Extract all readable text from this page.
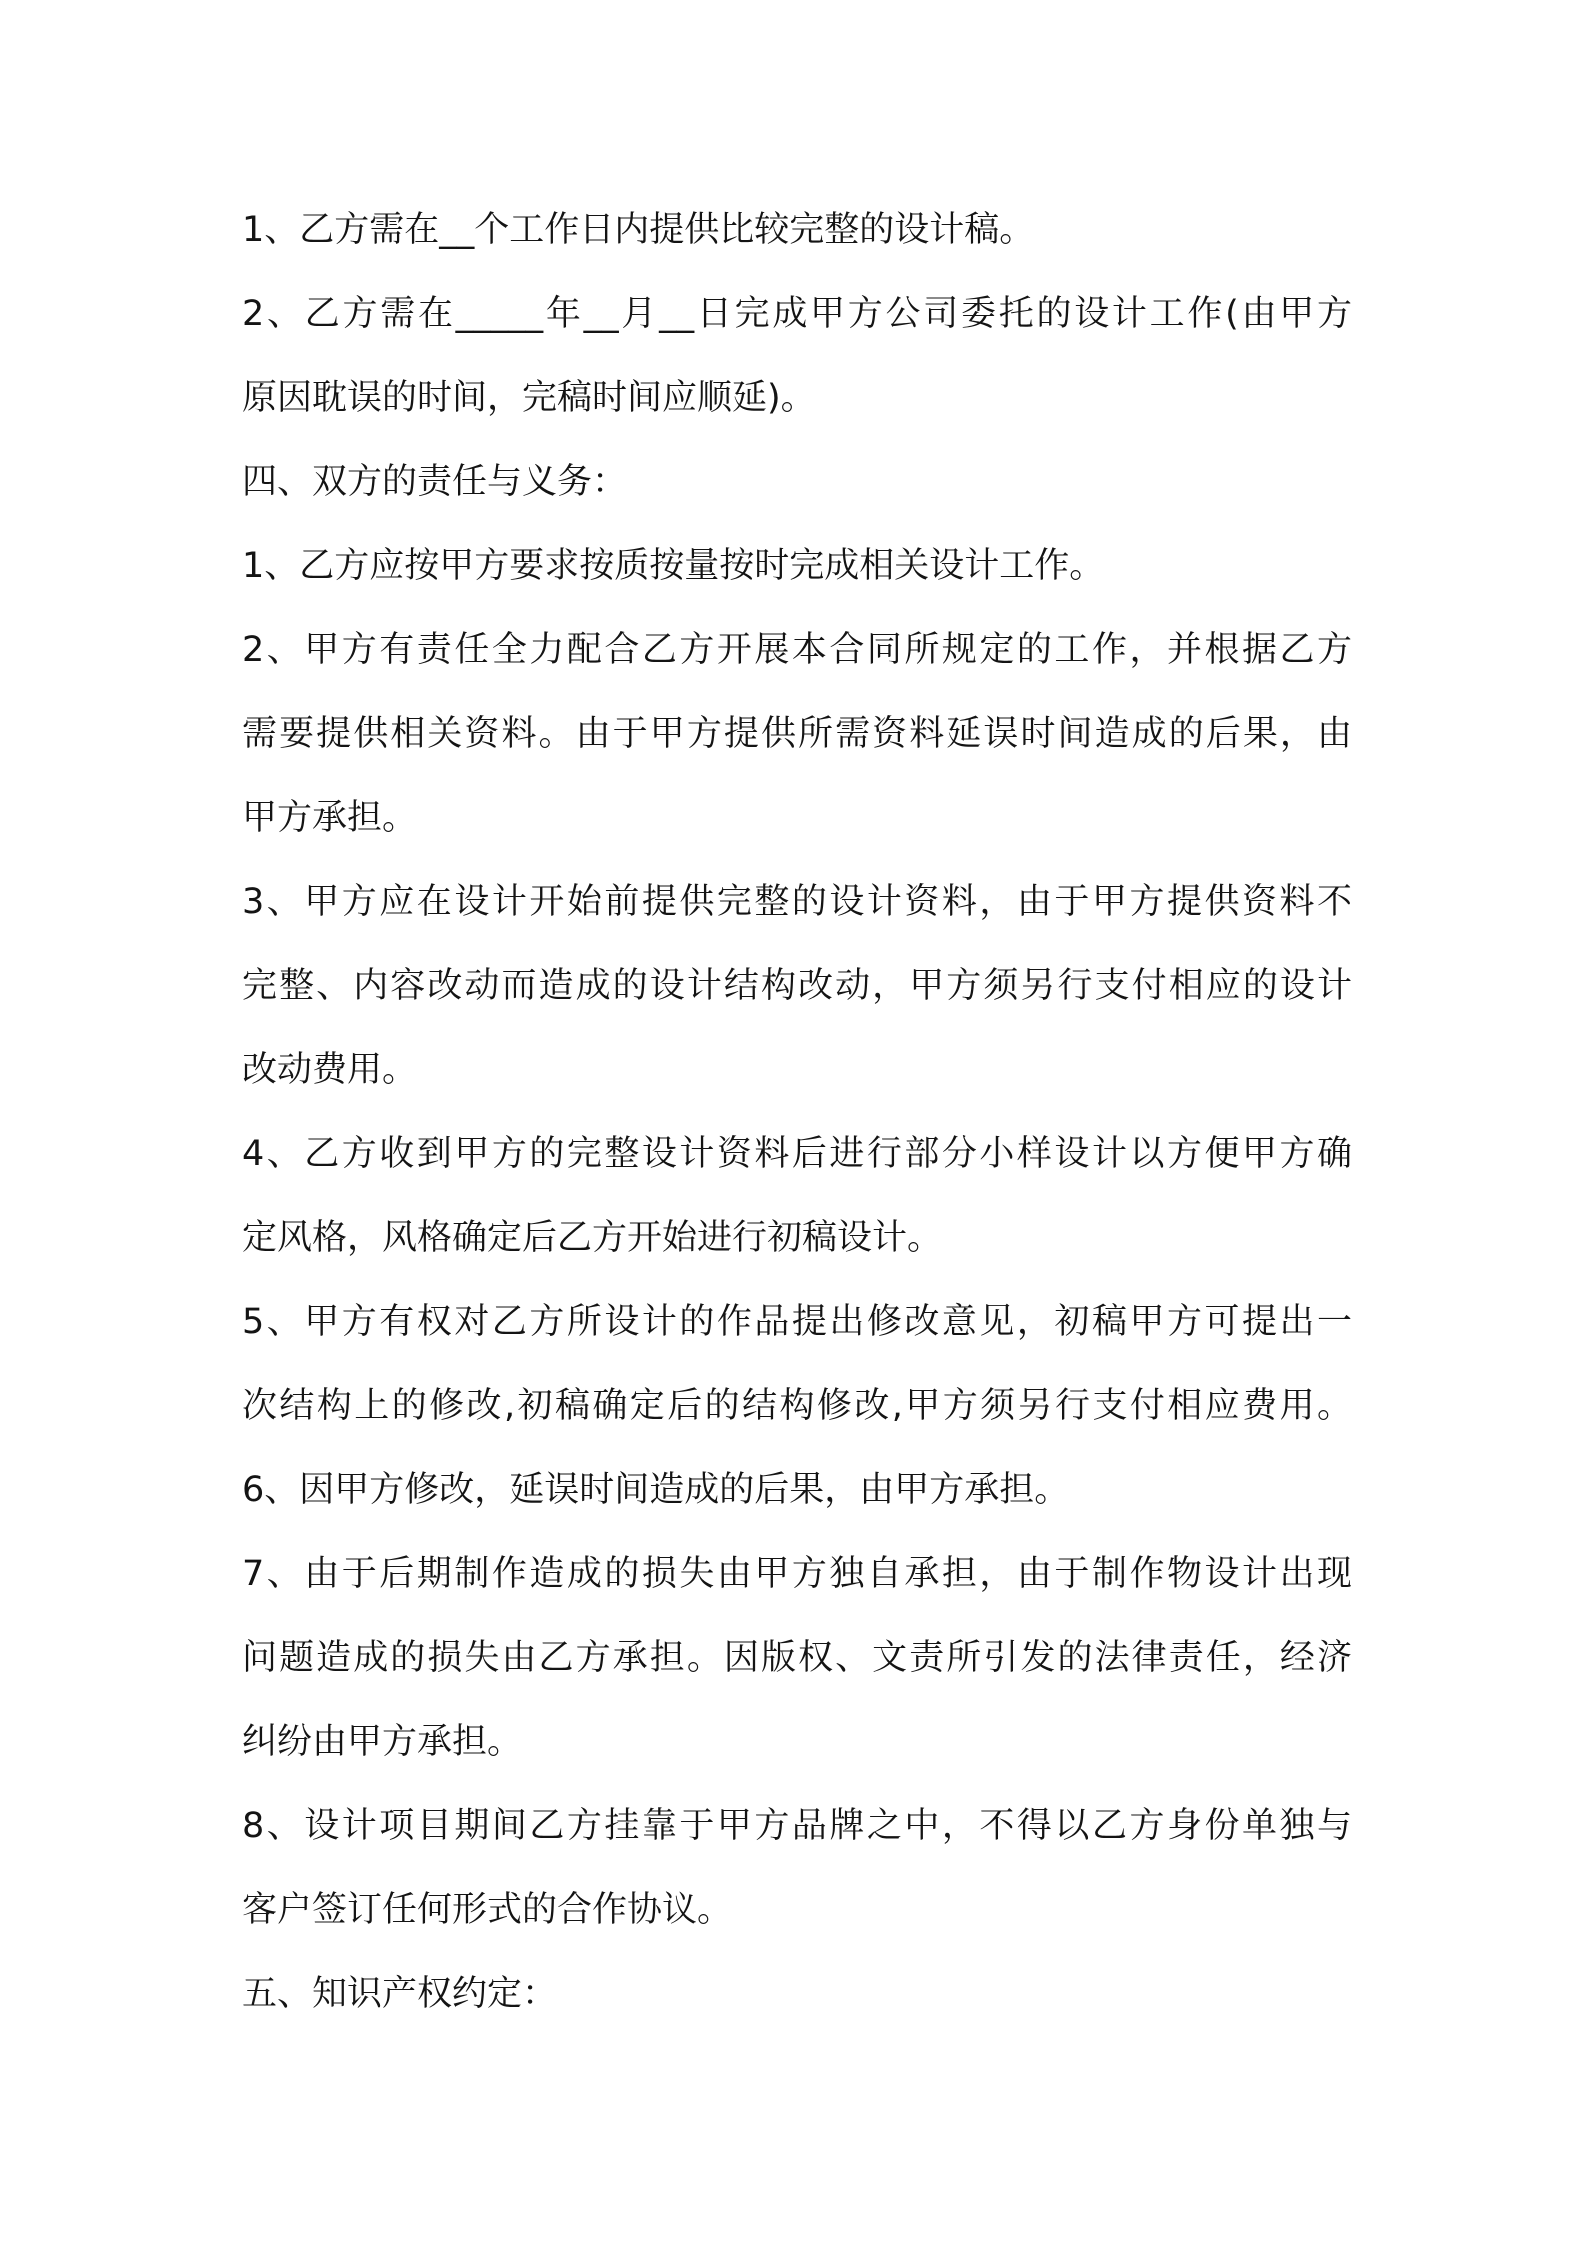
1、乙方需在__个工作日内提供比较完整的设计稿。

2、乙方需在_____年__月__日完成甲方公司委托的设计工作(由甲方
原因耽误的时间，完稿时间应顺延)。

四、双方的责任与义务：

1、乙方应按甲方要求按质按量按时完成相关设计工作。

2、甲方有责任全力配合乙方开展本合同所规定的工作，并根据乙方
需要提供相关资料。由于甲方提供所需资料延误时间造成的后果，由
甲方承担。

3、甲方应在设计开始前提供完整的设计资料，由于甲方提供资料不
完整、内容改动而造成的设计结构改动，甲方须另行支付相应的设计
改动费用。

4、乙方收到甲方的完整设计资料后进行部分小样设计以方便甲方确
定风格，风格确定后乙方开始进行初稿设计。

5、甲方有权对乙方所设计的作品提出修改意见，初稿甲方可提出一
次结构上的修改,初稿确定后的结构修改,甲方须另行支付相应费用。

6、因甲方修改，延误时间造成的后果，由甲方承担。

7、由于后期制作造成的损失由甲方独自承担，由于制作物设计出现
问题造成的损失由乙方承担。因版权、文责所引发的法律责任，经济
纠纷由甲方承担。

8、设计项目期间乙方挂靠于甲方品牌之中，不得以乙方身份单独与
客户签订任何形式的合作协议。

五、知识产权约定：
